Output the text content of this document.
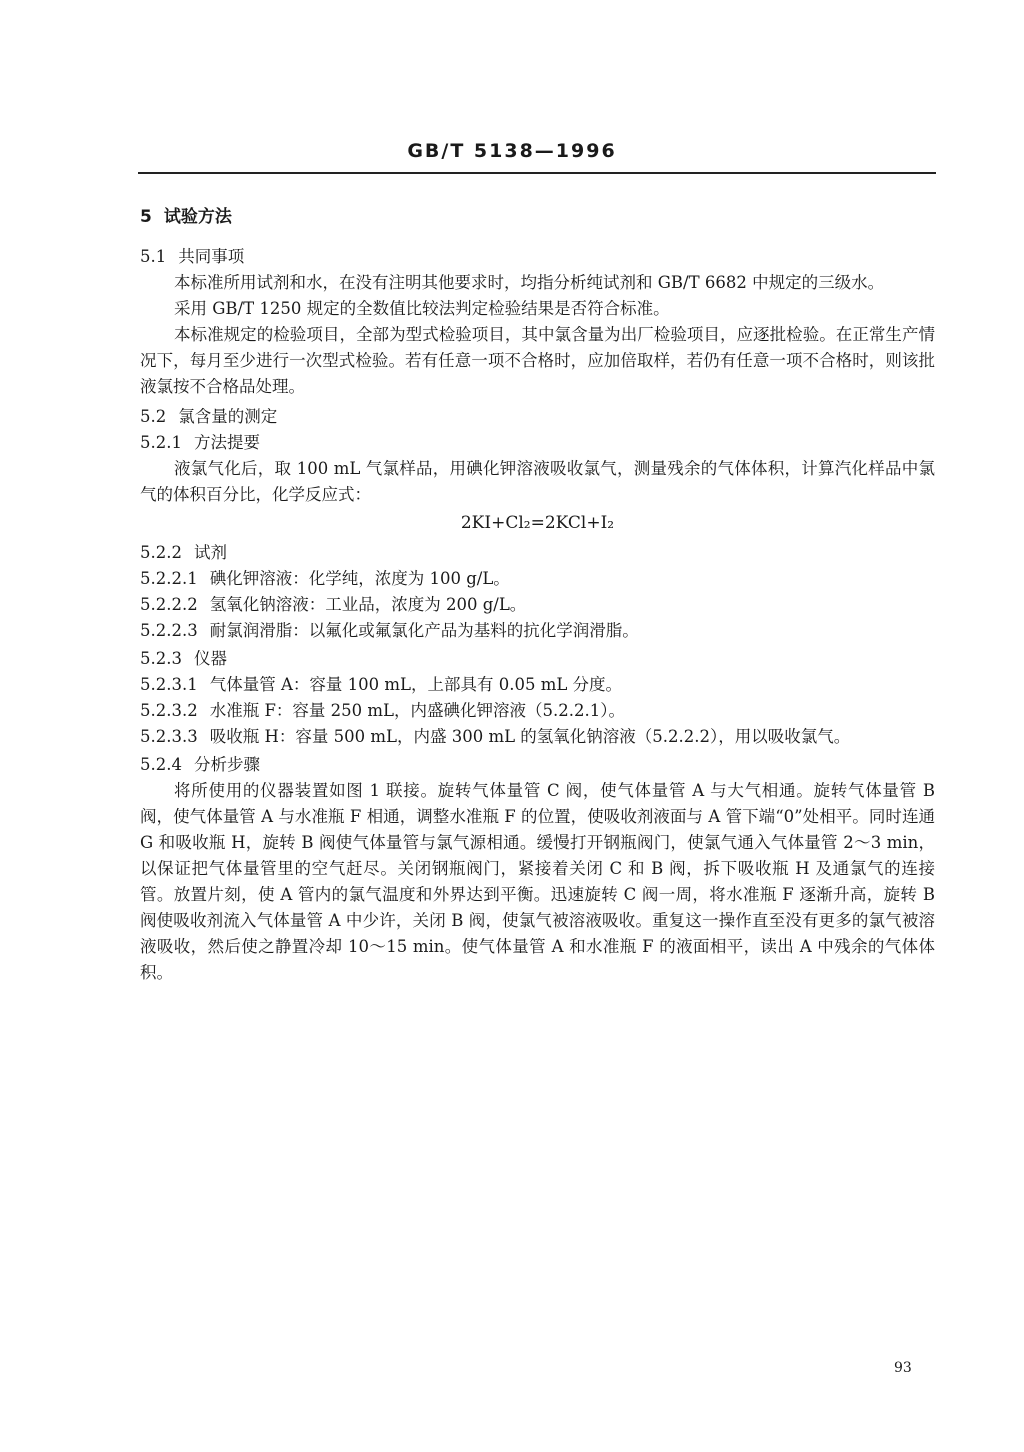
GB/T 5138—1996
5 试验方法
5.1 共同事项
本标准所用试剂和水，在没有注明其他要求时，均指分析纯试剂和 GB/T 6682 中规定的三级水。
采用 GB/T 1250 规定的全数值比较法判定检验结果是否符合标准。
本标准规定的检验项目，全部为型式检验项目，其中氯含量为出厂检验项目，应逐批检验。在正常生产情况下，每月至少进行一次型式检验。若有任意一项不合格时，应加倍取样，若仍有任意一项不合格时，则该批液氯按不合格品处理。
5.2 氯含量的测定
5.2.1 方法提要
液氯气化后，取 100 mL 气氯样品，用碘化钾溶液吸收氯气，测量残余的气体体积，计算汽化样品中氯气的体积百分比，化学反应式：
2KI+Cl₂=2KCl+I₂
5.2.2 试剂
5.2.2.1 碘化钾溶液：化学纯，浓度为 100 g/L。
5.2.2.2 氢氧化钠溶液：工业品，浓度为 200 g/L。
5.2.2.3 耐氯润滑脂：以氟化或氟氯化产品为基料的抗化学润滑脂。
5.2.3 仪器
5.2.3.1 气体量管 A：容量 100 mL，上部具有 0.05 mL 分度。
5.2.3.2 水准瓶 F：容量 250 mL，内盛碘化钾溶液（5.2.2.1）。
5.2.3.3 吸收瓶 H：容量 500 mL，内盛 300 mL 的氢氧化钠溶液（5.2.2.2），用以吸收氯气。
5.2.4 分析步骤
将所使用的仪器装置如图 1 联接。旋转气体量管 C 阀，使气体量管 A 与大气相通。旋转气体量管 B 阀，使气体量管 A 与水准瓶 F 相通，调整水准瓶 F 的位置，使吸收剂液面与 A 管下端“0”处相平。同时连通 G 和吸收瓶 H，旋转 B 阀使气体量管与氯气源相通。缓慢打开钢瓶阀门，使氯气通入气体量管 2～3 min，以保证把气体量管里的空气赶尽。关闭钢瓶阀门，紧接着关闭 C 和 B 阀，拆下吸收瓶 H 及通氯气的连接管。放置片刻，使 A 管内的氯气温度和外界达到平衡。迅速旋转 C 阀一周，将水准瓶 F 逐渐升高，旋转 B 阀使吸收剂流入气体量管 A 中少许，关闭 B 阀，使氯气被溶液吸收。重复这一操作直至没有更多的氯气被溶液吸收，然后使之静置冷却 10～15 min。使气体量管 A 和水准瓶 F 的液面相平，读出 A 中残余的气体体积。
93
